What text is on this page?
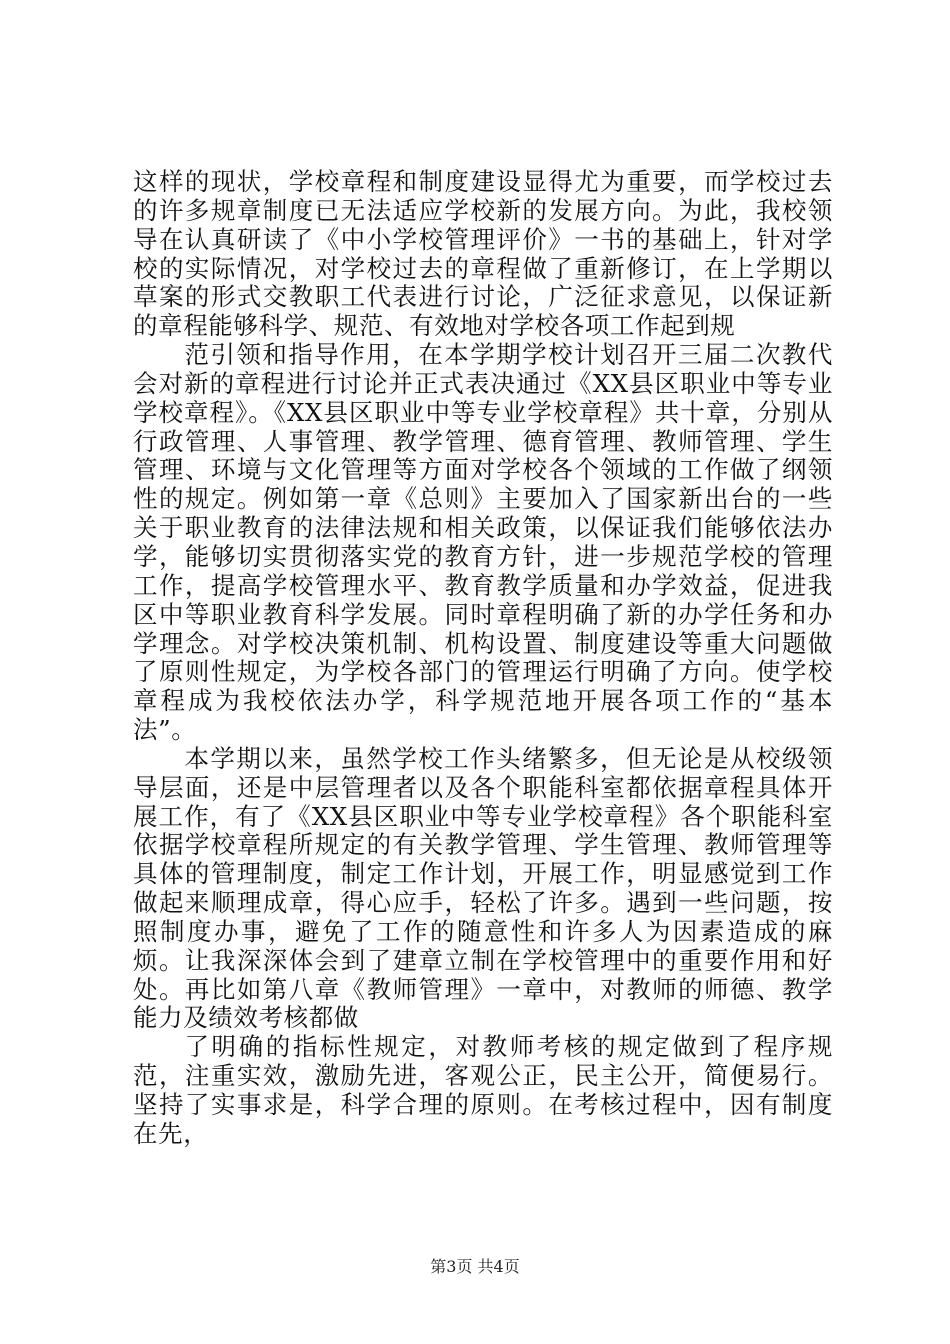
这样的现状，学校章程和制度建设显得尤为重要，而学校过去的许多规章制度已无法适应学校新的发展方向。为此，我校领导在认真研读了《中小学校管理评价》一书的基础上，针对学校的实际情况，对学校过去的章程做了重新修订，在上学期以草案的形式交教职工代表进行讨论，广泛征求意见，以保证新的章程能够科学、规范、有效地对学校各项工作起到规

范引领和指导作用，在本学期学校计划召开三届二次教代会对新的章程进行讨论并正式表决通过《XX县区职业中等专业学校章程》。《XX县区职业中等专业学校章程》共十章，分别从行政管理、人事管理、教学管理、德育管理、教师管理、学生管理、环境与文化管理等方面对学校各个领域的工作做了纲领性的规定。例如第一章《总则》主要加入了国家新出台的一些关于职业教育的法律法规和相关政策，以保证我们能够依法办学，能够切实贯彻落实党的教育方针，进一步规范学校的管理工作，提高学校管理水平、教育教学质量和办学效益，促进我区中等职业教育科学发展。同时章程明确了新的办学任务和办学理念。对学校决策机制、机构设置、制度建设等重大问题做了原则性规定，为学校各部门的管理运行明确了方向。使学校章程成为我校依法办学，科学规范地开展各项工作的“基本法”。

本学期以来，虽然学校工作头绪繁多，但无论是从校级领导层面，还是中层管理者以及各个职能科室都依据章程具体开展工作，有了《XX县区职业中等专业学校章程》各个职能科室依据学校章程所规定的有关教学管理、学生管理、教师管理等具体的管理制度，制定工作计划，开展工作，明显感觉到工作做起来顺理成章，得心应手，轻松了许多。遇到一些问题，按照制度办事，避免了工作的随意性和许多人为因素造成的麻烦。让我深深体会到了建章立制在学校管理中的重要作用和好处。再比如第八章《教师管理》一章中，对教师的师德、教学能力及绩效考核都做

了明确的指标性规定，对教师考核的规定做到了程序规范，注重实效，激励先进，客观公正，民主公开，简便易行。坚持了实事求是，科学合理的原则。在考核过程中，因有制度在先，

第3页 共4页
